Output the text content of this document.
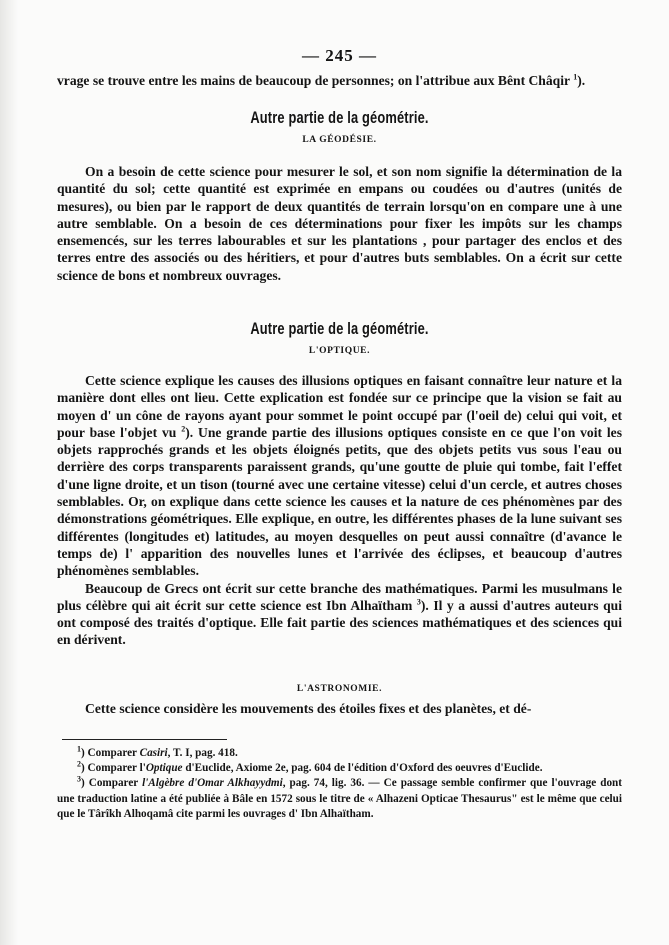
— 245 —

vrage se trouve entre les mains de beaucoup de personnes; on l'attribue aux Bênt Châqir $^1$).

Autre partie de la géométrie.
LA GÉODÉSIE.

On a besoin de cette science pour mesurer le sol, et son nom signifie la détermination de la quantité du sol; cette quantité est exprimée en empans ou coudées ou d'autres (unités de mesures), ou bien par le rapport de deux quantités de terrain lorsqu'on en compare une à une autre semblable. On a besoin de ces déterminations pour fixer les impôts sur les champs ensemencés, sur les terres labourables et sur les plantations , pour partager des enclos et des terres entre des associés ou des héritiers, et pour d'autres buts semblables. On a écrit sur cette science de bons et nombreux ouvrages.

Autre partie de la géométrie.
L'OPTIQUE.

Cette science explique les causes des illusions optiques en faisant connaître leur nature et la manière dont elles ont lieu. Cette explication est fondée sur ce principe que la vision se fait au moyen d' un cône de rayons ayant pour sommet le point occupé par (l'oeil de) celui qui voit, et pour base l'objet vu $^2$). Une grande partie des illusions optiques consiste en ce que l'on voit les objets rapprochés grands et les objets éloignés petits, que des objets petits vus sous l'eau ou derrière des corps transparents paraissent grands, qu'une goutte de pluie qui tombe, fait l'effet d'une ligne droite, et un tison (tourné avec une certaine vitesse) celui d'un cercle, et autres choses semblables. Or, on explique dans cette science les causes et la nature de ces phénomènes par des démonstrations géométriques. Elle explique, en outre, les différentes phases de la lune suivant ses différentes (longitudes et) latitudes, au moyen desquelles on peut aussi connaître (d'avance le temps de) l' apparition des nouvelles lunes et l'arrivée des éclipses, et beaucoup d'autres phénomènes semblables.

Beaucoup de Grecs ont écrit sur cette branche des mathématiques. Parmi les musulmans le plus célèbre qui ait écrit sur cette science est Ibn Alhaïtham $^3$). Il y a aussi d'autres auteurs qui ont composé des traités d'optique. Elle fait partie des sciences mathématiques et des sciences qui en dérivent.

L'ASTRONOMIE.

Cette science considère les mouvements des étoiles fixes et des planètes, et dé-

$^1$) Comparer Casiri, T. I, pag. 418.

$^2$) Comparer l'Optique d'Euclide, Axiome 2e, pag. 604 de l'édition d'Oxford des oeuvres d'Euclide.

$^3$) Comparer l'Algèbre d'Omar Alkhayydmi, pag. 74, lig. 36. — Ce passage semble confirmer que l'ouvrage dont une traduction latine a été publiée à Bâle en 1572 sous le titre de « Alhazeni Opticae Thesaurus" est le même que celui que le Târîkh Alhoqamâ cite parmi les ouvrages d' Ibn Alhaïtham.
